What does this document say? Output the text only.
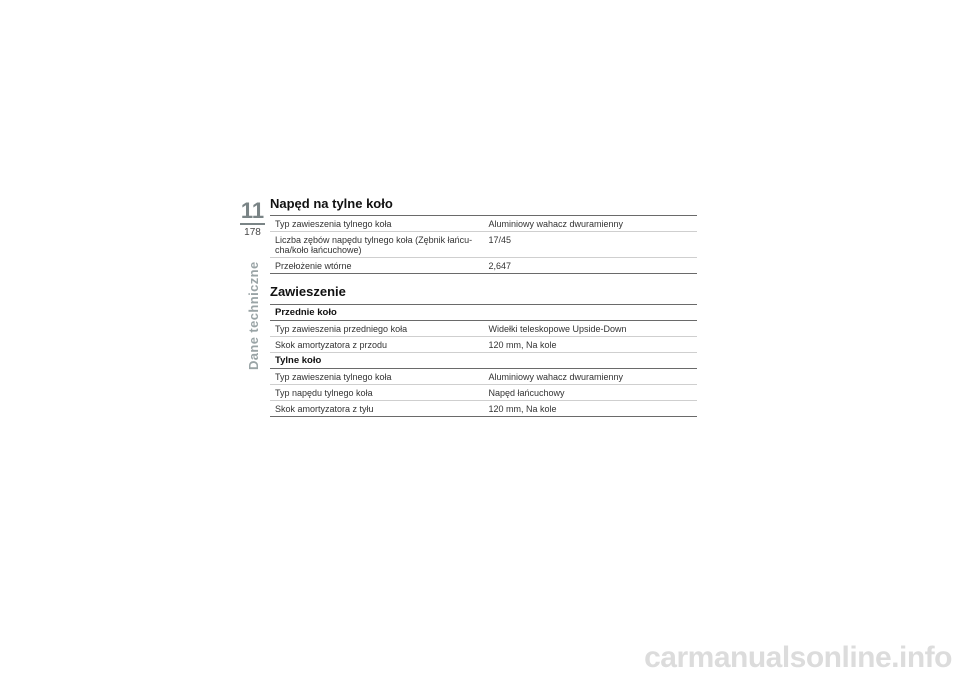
11
178
Dane techniczne
Napęd na tylne koło
Typ zawieszenia tylnego koła	Aluminiowy wahacz dwuramienny
Liczba zębów napędu tylnego koła (Zębnik łańcu-cha/koło łańcuchowe)	17/45
Przełożenie wtórne	2,647
Zawieszenie
Przednie koło	
Typ zawieszenia przedniego koła	Widełki teleskopowe Upside-Down
Skok amortyzatora z przodu	120 mm, Na kole
Tylne koło	
Typ zawieszenia tylnego koła	Aluminiowy wahacz dwuramienny
Typ napędu tylnego koła	Napęd łańcuchowy
Skok amortyzatora z tyłu	120 mm, Na kole
carmanualsonline.info
